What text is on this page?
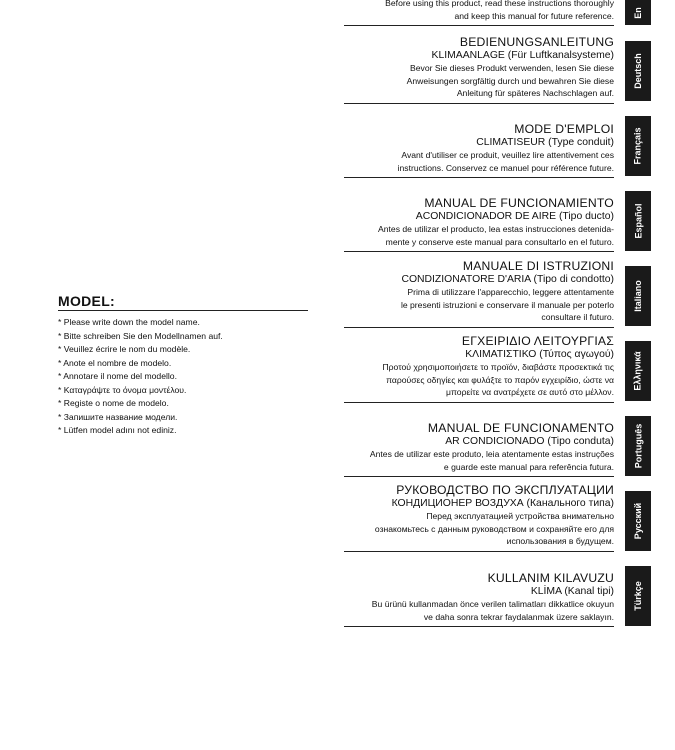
MODEL:
* Please write down the model name.
* Bitte schreiben Sie den Modellnamen auf.
* Veuillez écrire le nom du modèle.
* Anote el nombre de modelo.
* Annotare il nome del modello.
* Καταγράψτε το όνομα μοντέλου.
* Registe o nome de modelo.
* Запишите название модели.
* Lütfen model adını not ediniz.
Before using this product, read these instructions thoroughly
and keep this manual for future reference.
BEDIENUNGSANLEITUNG
KLIMAANLAGE (Für Luftkanalsysteme)
Bevor Sie dieses Produkt verwenden, lesen Sie diese
Anweisungen sorgfältig durch und bewahren Sie diese
Anleitung für späteres Nachschlagen auf.
MODE D'EMPLOI
CLIMATISEUR (Type conduit)
Avant d'utiliser ce produit, veuillez lire attentivement ces
instructions. Conservez ce manuel pour référence future.
MANUAL DE FUNCIONAMIENTO
ACONDICIONADOR DE AIRE (Tipo ducto)
Antes de utilizar el producto, lea estas instrucciones detenida-
mente y conserve este manual para consultarlo en el futuro.
MANUALE DI ISTRUZIONI
CONDIZIONATORE D'ARIA (Tipo di condotto)
Prima di utilizzare l'apparecchio, leggere attentamente
le presenti istruzioni e conservare il manuale per poterlo
consultare il futuro.
ΕΓΧΕΙΡΙΔΙΟ ΛΕΙΤΟΥΡΓΙΑΣ
ΚΛΙΜΑΤΙΣΤΙΚΟ (Τύπος αγωγού)
Προτού χρησιμοποιήσετε το προϊόν, διαβάστε προσεκτικά τις
παρούσες οδηγίες και φυλάξτε το παρόν εγχειρίδιο, ώστε να
μπορείτε να ανατρέχετε σε αυτό στο μέλλον.
MANUAL DE FUNCIONAMENTO
AR CONDICIONADO (Tipo conduta)
Antes de utilizar este produto, leia atentamente estas instruções
e guarde este manual para referência futura.
РУКОВОДСТВО ПО ЭКСПЛУАТАЦИИ
КОНДИЦИОНЕР ВОЗДУХА (Канального типа)
Перед эксплуатацией устройства внимательно
ознакомьтесь с данным руководством и сохраняйте его для
использования в будущем.
KULLANIM KILAVUZU
KLİMA (Kanal tipi)
Bu ürünü kullanmadan önce verilen talimatları dikkatlice okuyun
ve daha sonra tekrar faydalanmak üzere saklayın.
En
Deutsch
Français
Español
Italiano
Ελληνικά
Português
Русский
Türkçe
